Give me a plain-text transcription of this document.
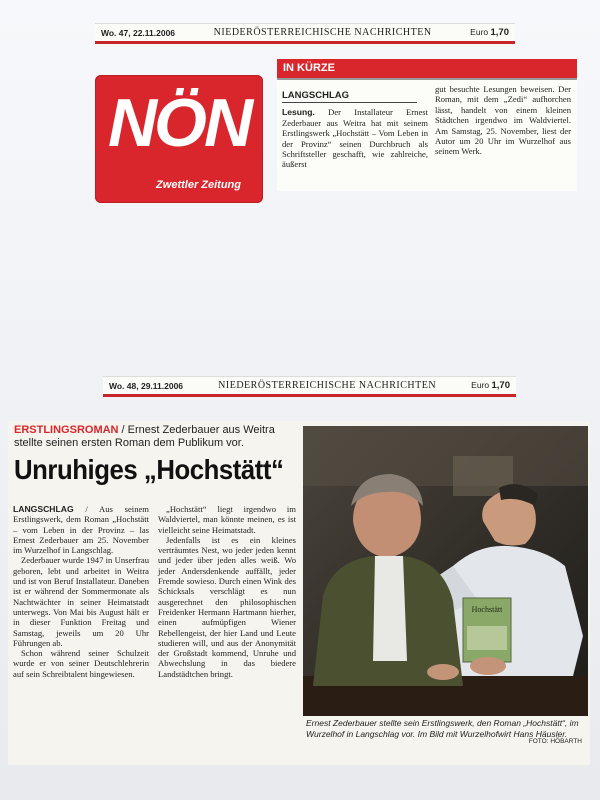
Wo. 47, 22.11.2006	NIEDERÖSTERREICHISCHE NACHRICHTEN	Euro 1,70
NÖN
Zwettler Zeitung
IN KÜRZE
LANGSCHLAG
Lesung. Der Installateur Ernest Zederbauer aus Weitra hat mit seinem Erstlingswerk „Hochstätt – Vom Leben in der Provinz“ seinen Durchbruch als Schriftsteller geschafft, wie zahlreiche, äußerst
gut besuchte Lesungen beweisen. Der Roman, mit dem „Zedi“ aufhorchen lässt, handelt von einem kleinen Städtchen irgendwo im Waldviertel. Am Samstag, 25. November, liest der Autor um 20 Uhr im Wurzelhof aus seinem Werk.
Wo. 48, 29.11.2006	NIEDERÖSTERREICHISCHE NACHRICHTEN	Euro 1,70
ERSTLINGSROMAN / Ernest Zederbauer aus Weitra stellte seinen ersten Roman dem Publikum vor.
Unruhiges „Hochstätt“

LANGSCHLAG / Aus seinem Erstlingswerk, dem Roman „Hochstätt – vom Leben in der Provinz – las Ernest Zederbauer am 25. November im Wurzelhof in Langschlag.

Zederbauer wurde 1947 in Unserfrau geboren, lebt und arbeitet in Weitra und ist von Beruf Installateur. Daneben ist er während der Sommermonate als Nachtwächter in seiner Heimatstadt unterwegs. Von Mai bis August hält er in dieser Funktion Freitag und Samstag, jeweils um 20 Uhr Führungen ab.

Schon während seiner Schulzeit wurde er von seiner Deutschlehrerin auf sein Schreibtalent hingewiesen.

„Hochstätt“ liegt irgendwo im Waldviertel, man könnte meinen, es ist vielleicht seine Heimatstadt.

Jedenfalls ist es ein kleines verträumtes Nest, wo jeder jeden kennt und jeder über jeden alles weiß. Wo jeder Andersdenkende auffällt, jeder Fremde sowieso. Durch einen Wink des Schicksals verschlägt es nun ausgerechnet den philosophischen Freidenker Hermann Hartmann hierher, einen aufmüpfigen Wiener Rebellengeist, der hier Land und Leute studieren will, und aus der Anonymität der Großstadt kommend, Unruhe und Abwechslung in das biedere Landstädtchen bringt.

Hochstätt
Ernest Zederbauer stellte sein Erstlingswerk, den Roman „Hochstätt“, im Wurzelhof in Langschlag vor. Im Bild mit Wurzelhofwirt Hans Häusler.
FOTO: HÖBARTH
